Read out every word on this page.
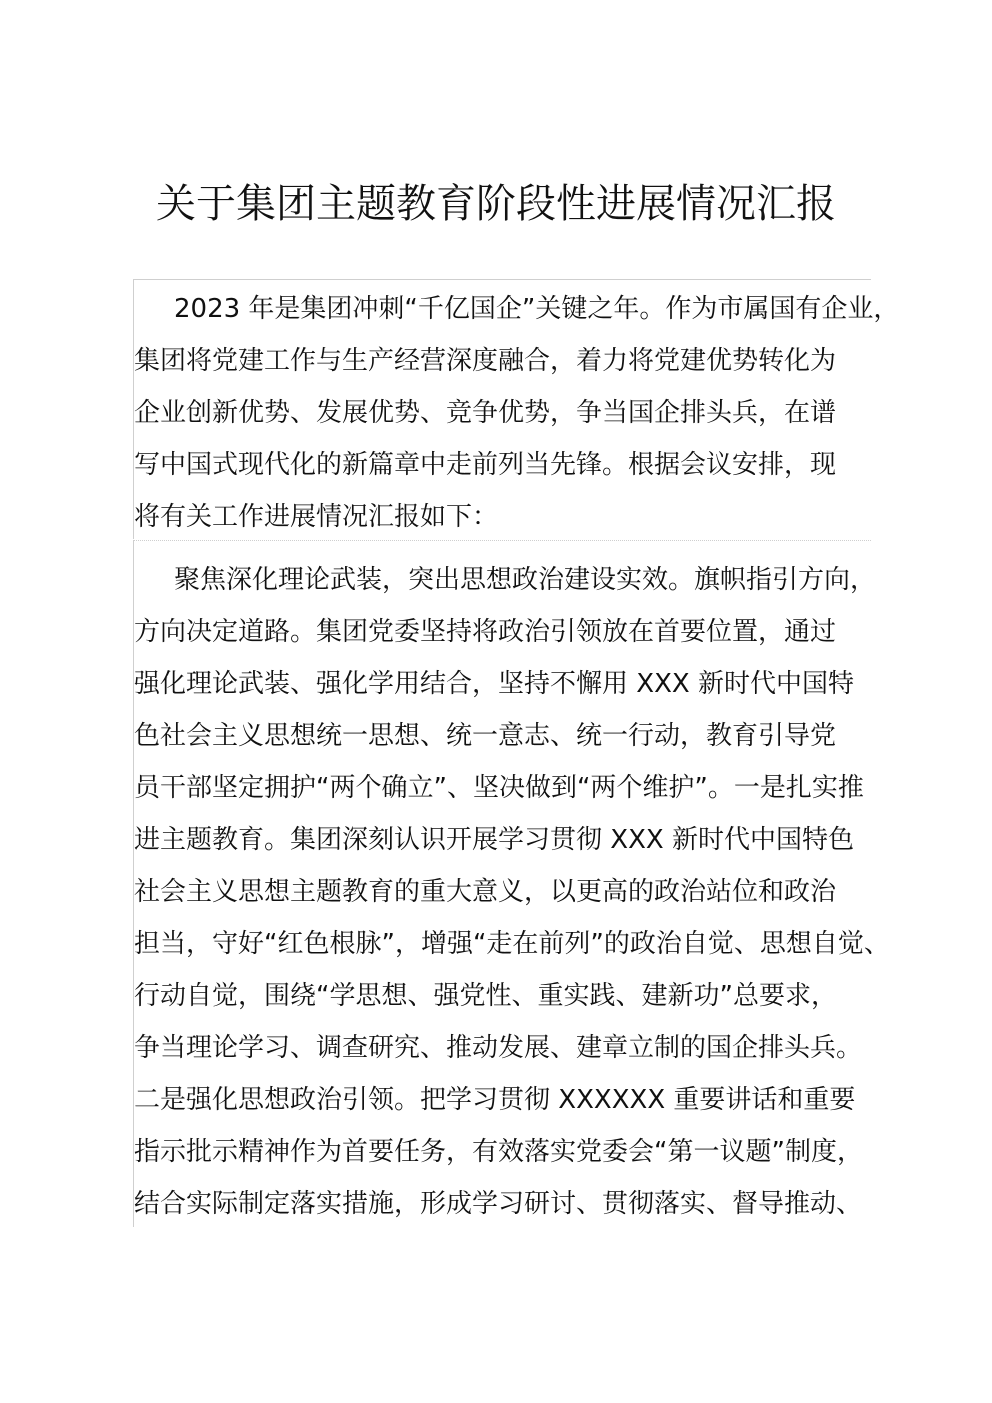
关于集团主题教育阶段性进展情况汇报
2023 年是集团冲刺“千亿国企”关键之年。作为市属国有企业，
集团将党建工作与生产经营深度融合，着力将党建优势转化为
企业创新优势、发展优势、竞争优势，争当国企排头兵，在谱
写中国式现代化的新篇章中走前列当先锋。根据会议安排，现
将有关工作进展情况汇报如下：
聚焦深化理论武装，突出思想政治建设实效。旗帜指引方向，
方向决定道路。集团党委坚持将政治引领放在首要位置，通过
强化理论武装、强化学用结合，坚持不懈用 XXX 新时代中国特
色社会主义思想统一思想、统一意志、统一行动，教育引导党
员干部坚定拥护“两个确立”、坚决做到“两个维护”。一是扎实推
进主题教育。集团深刻认识开展学习贯彻 XXX 新时代中国特色
社会主义思想主题教育的重大意义，以更高的政治站位和政治
担当，守好“红色根脉”，增强“走在前列”的政治自觉、思想自觉、
行动自觉，围绕“学思想、强党性、重实践、建新功”总要求，
争当理论学习、调查研究、推动发展、建章立制的国企排头兵。
二是强化思想政治引领。把学习贯彻 XXXXXX 重要讲话和重要
指示批示精神作为首要任务，有效落实党委会“第一议题”制度，
结合实际制定落实措施，形成学习研讨、贯彻落实、督导推动、
